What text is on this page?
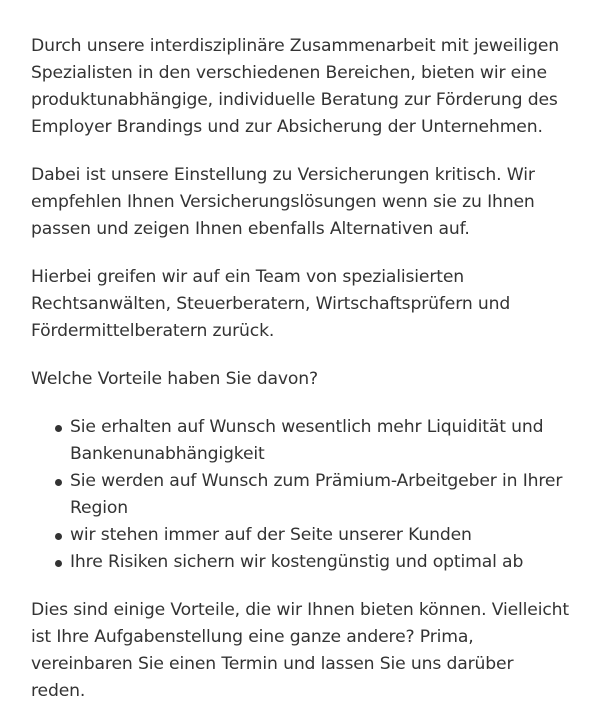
Durch unsere interdisziplinäre Zusammenarbeit mit jeweiligen Spezialisten in den verschiedenen Bereichen, bieten wir eine produktunabhängige, individuelle Beratung zur Förderung des Employer Brandings und zur Absicherung der Unternehmen.

Dabei ist unsere Einstellung zu Versicherungen kritisch. Wir empfehlen Ihnen Versicherungslösungen wenn sie zu Ihnen passen und zeigen Ihnen ebenfalls Alternativen auf.

Hierbei greifen wir auf ein Team von spezialisierten Rechtsanwälten, Steuerberatern, Wirtschaftsprüfern und Fördermittelberatern zurück.

Welche Vorteile haben Sie davon?

Sie erhalten auf Wunsch wesentlich mehr Liquidität und Bankenunabhängigkeit
Sie werden auf Wunsch zum Prämium-Arbeitgeber in Ihrer Region
wir stehen immer auf der Seite unserer Kunden
Ihre Risiken sichern wir kostengünstig und optimal ab

Dies sind einige Vorteile, die wir Ihnen bieten können. Vielleicht ist Ihre Aufgabenstellung eine ganze andere? Prima, vereinbaren Sie einen Termin und lassen Sie uns darüber reden.
